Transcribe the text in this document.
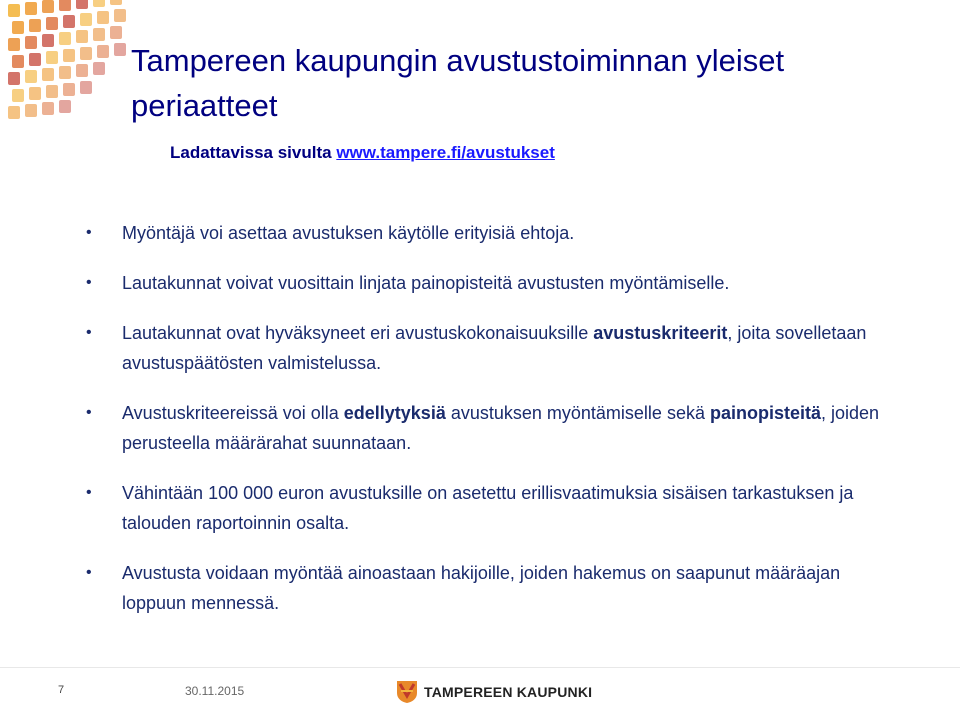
Tampereen kaupungin avustustoiminnan yleiset periaatteet
Ladattavissa sivulta www.tampere.fi/avustukset
• Myöntäjä voi asettaa avustuksen käytölle erityisiä ehtoja.
• Lautakunnat voivat vuosittain linjata painopisteitä avustusten myöntämiselle.
• Lautakunnat ovat hyväksyneet eri avustuskokonaisuuksille avustuskriteerit, joita sovelletaan avustuspäätösten valmistelussa.
• Avustuskriteereissä voi olla edellytyksiä avustuksen myöntämiselle sekä painopisteitä, joiden perusteella määrärahat suunnataan.
• Vähintään 100 000 euron avustuksille on asetettu erillisvaatimuksia sisäisen tarkastuksen ja talouden raportoinnin osalta.
• Avustusta voidaan myöntää ainoastaan hakijoille, joiden hakemus on saapunut määräajan loppuun mennessä.
7	30.11.2015	TAMPEREEN KAUPUNKI
